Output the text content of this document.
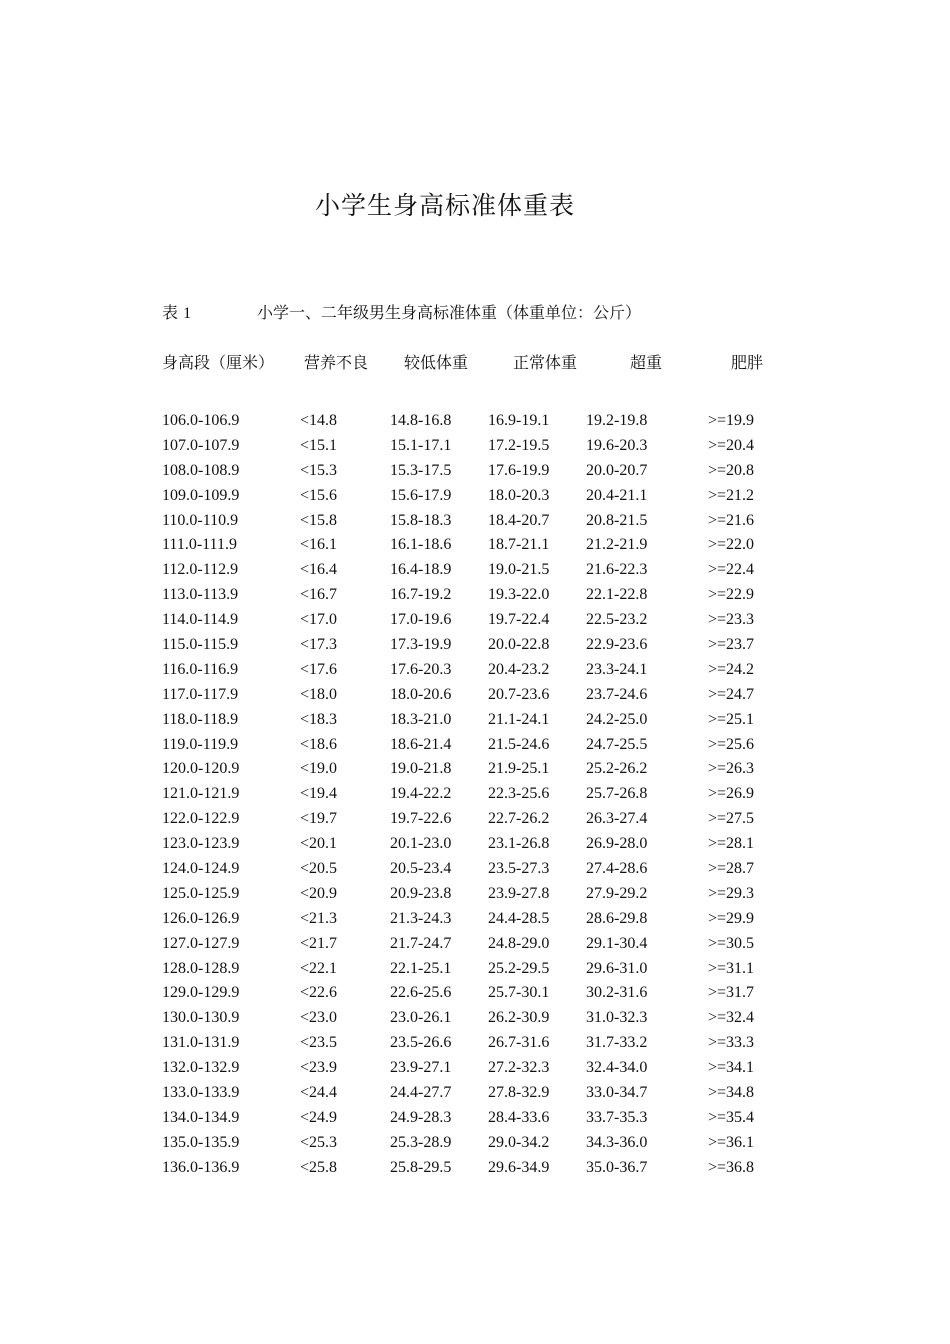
小学生身高标准体重表
表 1	小学一、二年级男生身高标准体重（体重单位：公斤）
身高段（厘米） 营养不良 较低体重	正常体重	超重	肥胖
106.0-106.9	<14.8	14.8-16.8 16.9-19.1 19.2-19.8	>=19.9
107.0-107.9	<15.1	15.1-17.1 17.2-19.5 19.6-20.3	>=20.4
108.0-108.9	<15.3	15.3-17.5 17.6-19.9 20.0-20.7	>=20.8
109.0-109.9	<15.6	15.6-17.9 18.0-20.3 20.4-21.1	>=21.2
110.0-110.9	<15.8	15.8-18.3 18.4-20.7 20.8-21.5	>=21.6
111.0-111.9	<16.1	16.1-18.6 18.7-21.1 21.2-21.9	>=22.0
112.0-112.9	<16.4	16.4-18.9 19.0-21.5 21.6-22.3	>=22.4
113.0-113.9	<16.7	16.7-19.2 19.3-22.0 22.1-22.8	>=22.9
114.0-114.9	<17.0	17.0-19.6 19.7-22.4 22.5-23.2	>=23.3
115.0-115.9	<17.3	17.3-19.9 20.0-22.8 22.9-23.6	>=23.7
116.0-116.9	<17.6	17.6-20.3 20.4-23.2 23.3-24.1	>=24.2
117.0-117.9	<18.0	18.0-20.6 20.7-23.6 23.7-24.6	>=24.7
118.0-118.9	<18.3	18.3-21.0 21.1-24.1 24.2-25.0	>=25.1
119.0-119.9	<18.6	18.6-21.4 21.5-24.6 24.7-25.5	>=25.6
120.0-120.9	<19.0	19.0-21.8 21.9-25.1 25.2-26.2	>=26.3
121.0-121.9	<19.4	19.4-22.2 22.3-25.6 25.7-26.8	>=26.9
122.0-122.9	<19.7	19.7-22.6 22.7-26.2 26.3-27.4	>=27.5
123.0-123.9	<20.1	20.1-23.0 23.1-26.8 26.9-28.0	>=28.1
124.0-124.9	<20.5	20.5-23.4 23.5-27.3 27.4-28.6	>=28.7
125.0-125.9	<20.9	20.9-23.8 23.9-27.8 27.9-29.2	>=29.3
126.0-126.9	<21.3	21.3-24.3 24.4-28.5 28.6-29.8	>=29.9
127.0-127.9	<21.7	21.7-24.7 24.8-29.0 29.1-30.4	>=30.5
128.0-128.9	<22.1	22.1-25.1 25.2-29.5 29.6-31.0	>=31.1
129.0-129.9	<22.6	22.6-25.6 25.7-30.1 30.2-31.6	>=31.7
130.0-130.9	<23.0	23.0-26.1 26.2-30.9 31.0-32.3	>=32.4
131.0-131.9	<23.5	23.5-26.6 26.7-31.6 31.7-33.2	>=33.3
132.0-132.9	<23.9	23.9-27.1 27.2-32.3 32.4-34.0	>=34.1
133.0-133.9	<24.4	24.4-27.7 27.8-32.9 33.0-34.7	>=34.8
134.0-134.9	<24.9	24.9-28.3 28.4-33.6 33.7-35.3	>=35.4
135.0-135.9	<25.3	25.3-28.9 29.0-34.2 34.3-36.0	>=36.1
136.0-136.9	<25.8	25.8-29.5 29.6-34.9 35.0-36.7	>=36.8
